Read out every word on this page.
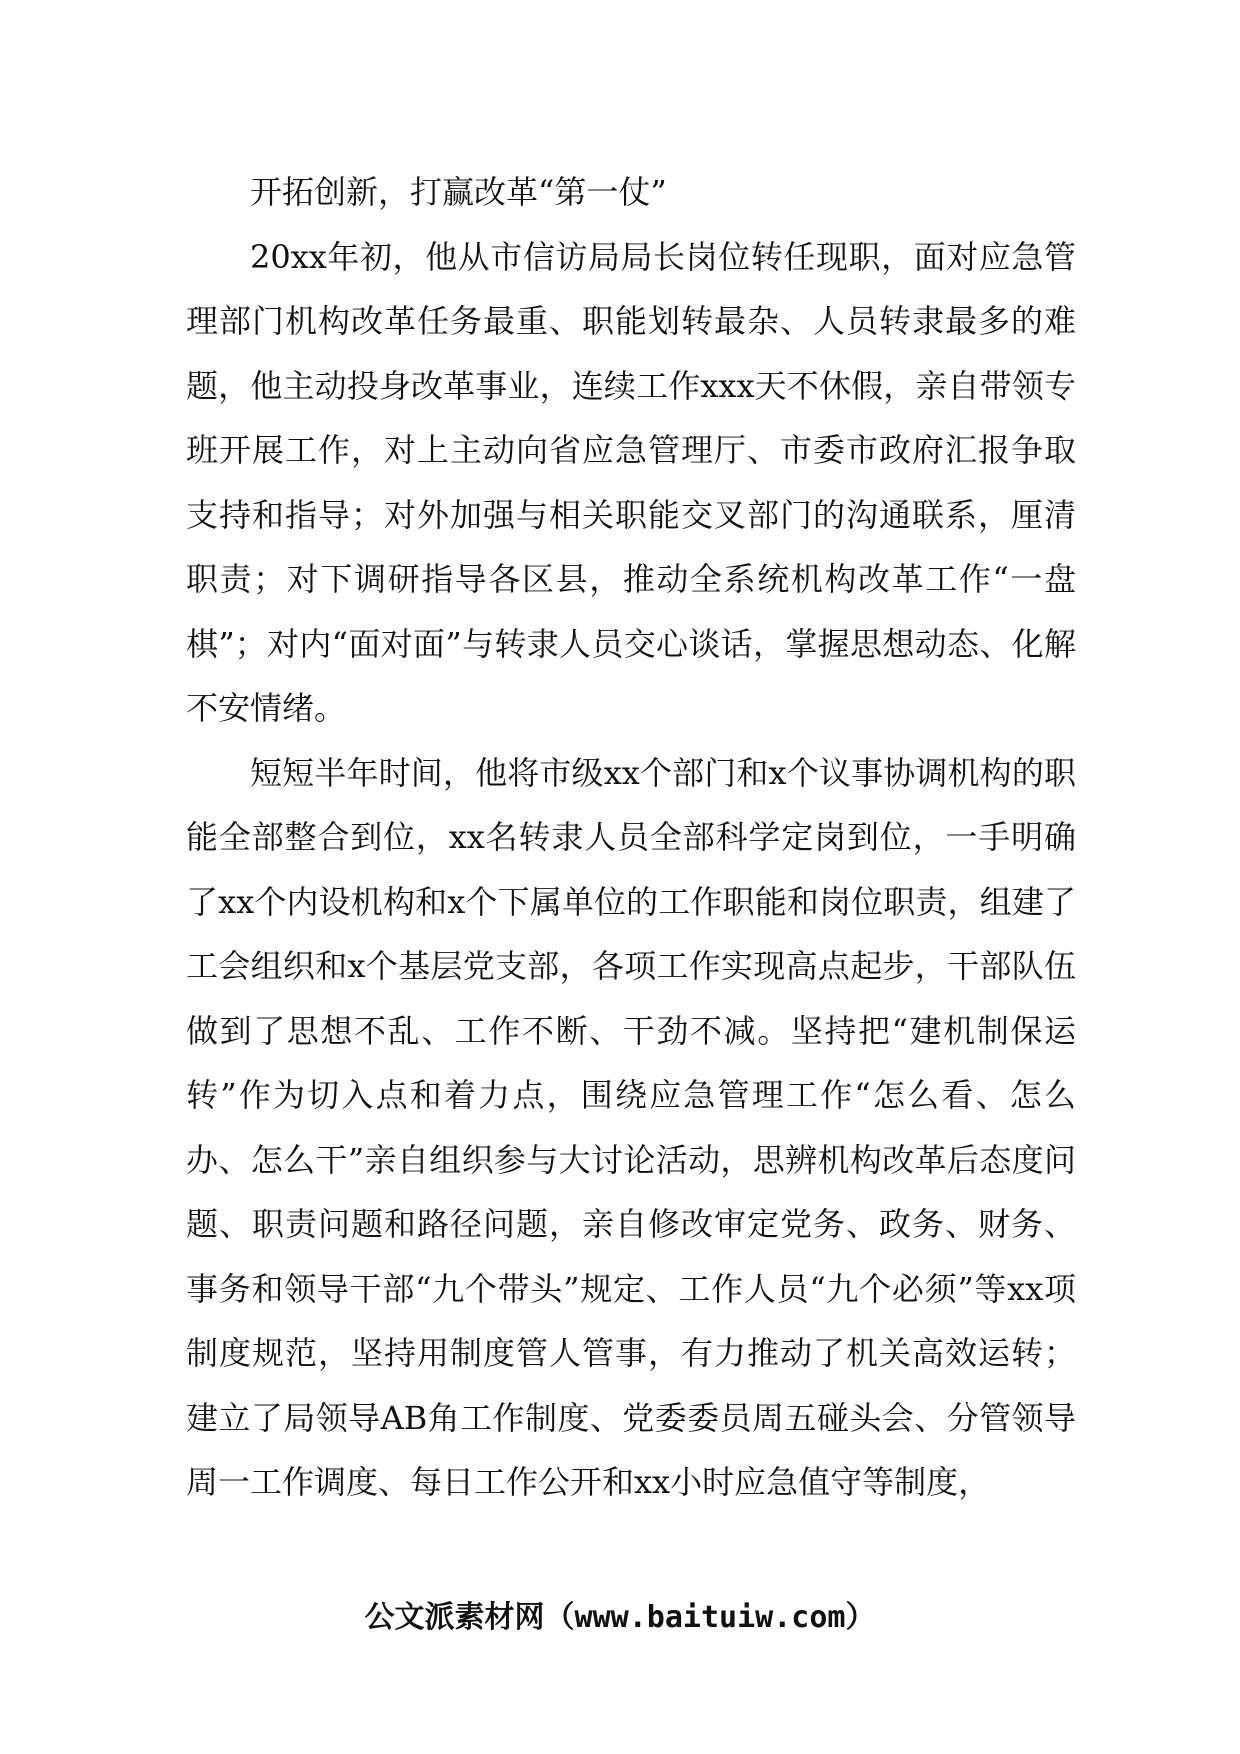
开拓创新，打赢改革“第一仗”

20xx年初，他从市信访局局长岗位转任现职，面对应急管理部门机构改革任务最重、职能划转最杂、人员转隶最多的难题，他主动投身改革事业，连续工作xxx天不休假，亲自带领专班开展工作，对上主动向省应急管理厅、市委市政府汇报争取支持和指导；对外加强与相关职能交叉部门的沟通联系，厘清职责；对下调研指导各区县，推动全系统机构改革工作“一盘棋”；对内“面对面”与转隶人员交心谈话，掌握思想动态、化解不安情绪。

短短半年时间，他将市级xx个部门和x个议事协调机构的职能全部整合到位，xx名转隶人员全部科学定岗到位，一手明确了xx个内设机构和x个下属单位的工作职能和岗位职责，组建了工会组织和x个基层党支部，各项工作实现高点起步，干部队伍做到了思想不乱、工作不断、干劲不减。坚持把“建机制保运转”作为切入点和着力点，围绕应急管理工作“怎么看、怎么办、怎么干”亲自组织参与大讨论活动，思辨机构改革后态度问题、职责问题和路径问题，亲自修改审定党务、政务、财务、事务和领导干部“九个带头”规定、工作人员“九个必须”等xx项制度规范，坚持用制度管人管事，有力推动了机关高效运转；建立了局领导AB角工作制度、党委委员周五碰头会、分管领导周一工作调度、每日工作公开和xx小时应急值守等制度，

公文派素材网（www.baituiw.com）
